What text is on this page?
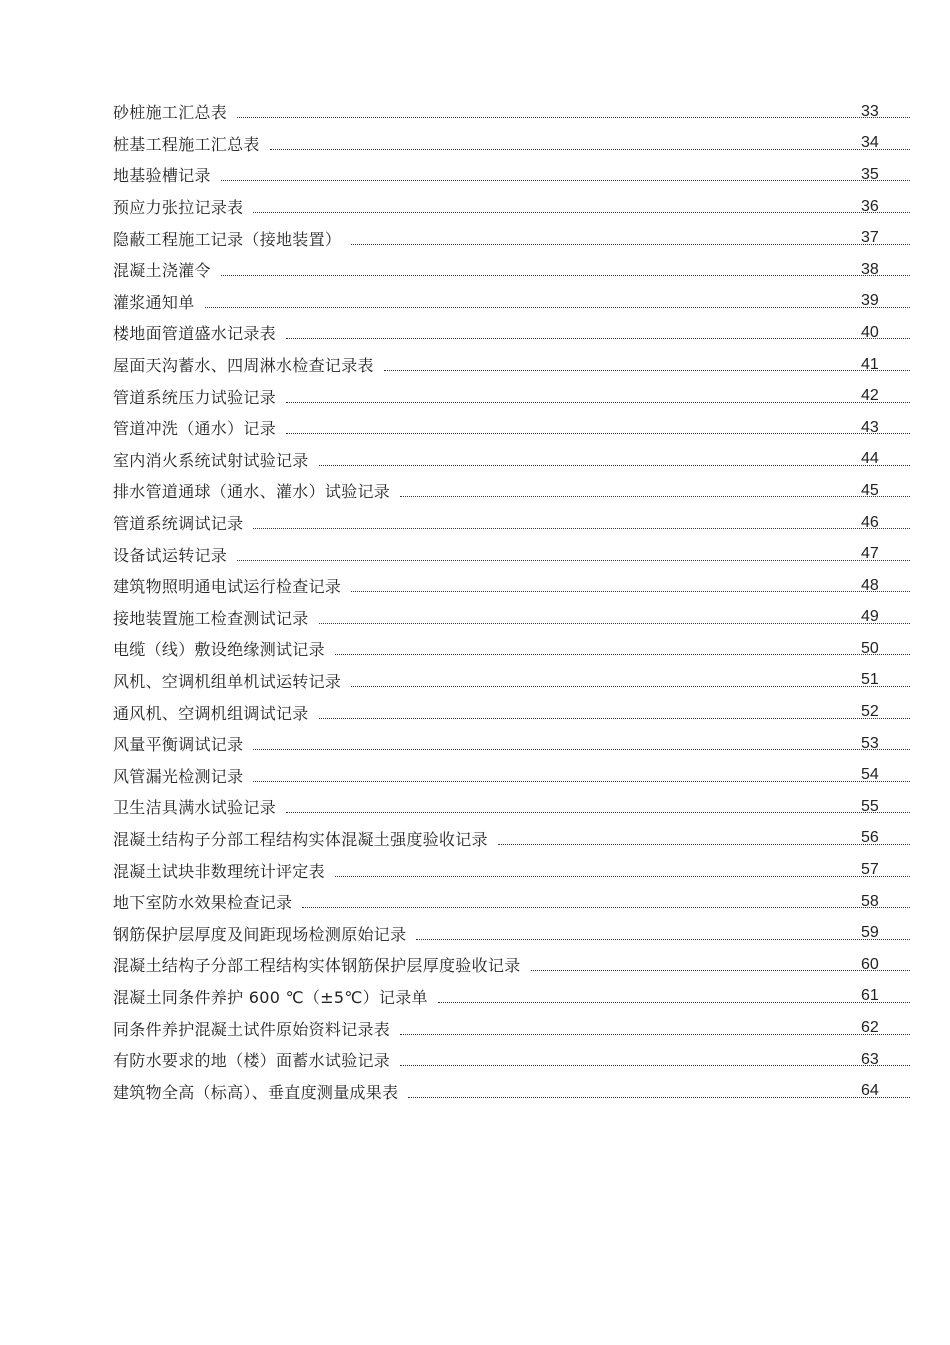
砂桩施工汇总表	33
桩基工程施工汇总表	34
地基验槽记录	35
预应力张拉记录表	36
隐蔽工程施工记录（接地装置）	37
混凝土浇灌令	38
灌浆通知单	39
楼地面管道盛水记录表	40
屋面天沟蓄水、四周淋水检查记录表	41
管道系统压力试验记录	42
管道冲洗（通水）记录	43
室内消火系统试射试验记录	44
排水管道通球（通水、灌水）试验记录	45
管道系统调试记录	46
设备试运转记录	47
建筑物照明通电试运行检查记录	48
接地装置施工检查测试记录	49
电缆（线）敷设绝缘测试记录	50
风机、空调机组单机试运转记录	51
通风机、空调机组调试记录	52
风量平衡调试记录	53
风管漏光检测记录	54
卫生洁具满水试验记录	55
混凝土结构子分部工程结构实体混凝土强度验收记录	56
混凝土试块非数理统计评定表	57
地下室防水效果检查记录	58
钢筋保护层厚度及间距现场检测原始记录	59
混凝土结构子分部工程结构实体钢筋保护层厚度验收记录	60
混凝土同条件养护 600 ℃（±5℃）记录单	61
同条件养护混凝土试件原始资料记录表	62
有防水要求的地（楼）面蓄水试验记录	63
建筑物全高（标高）、垂直度测量成果表	64
